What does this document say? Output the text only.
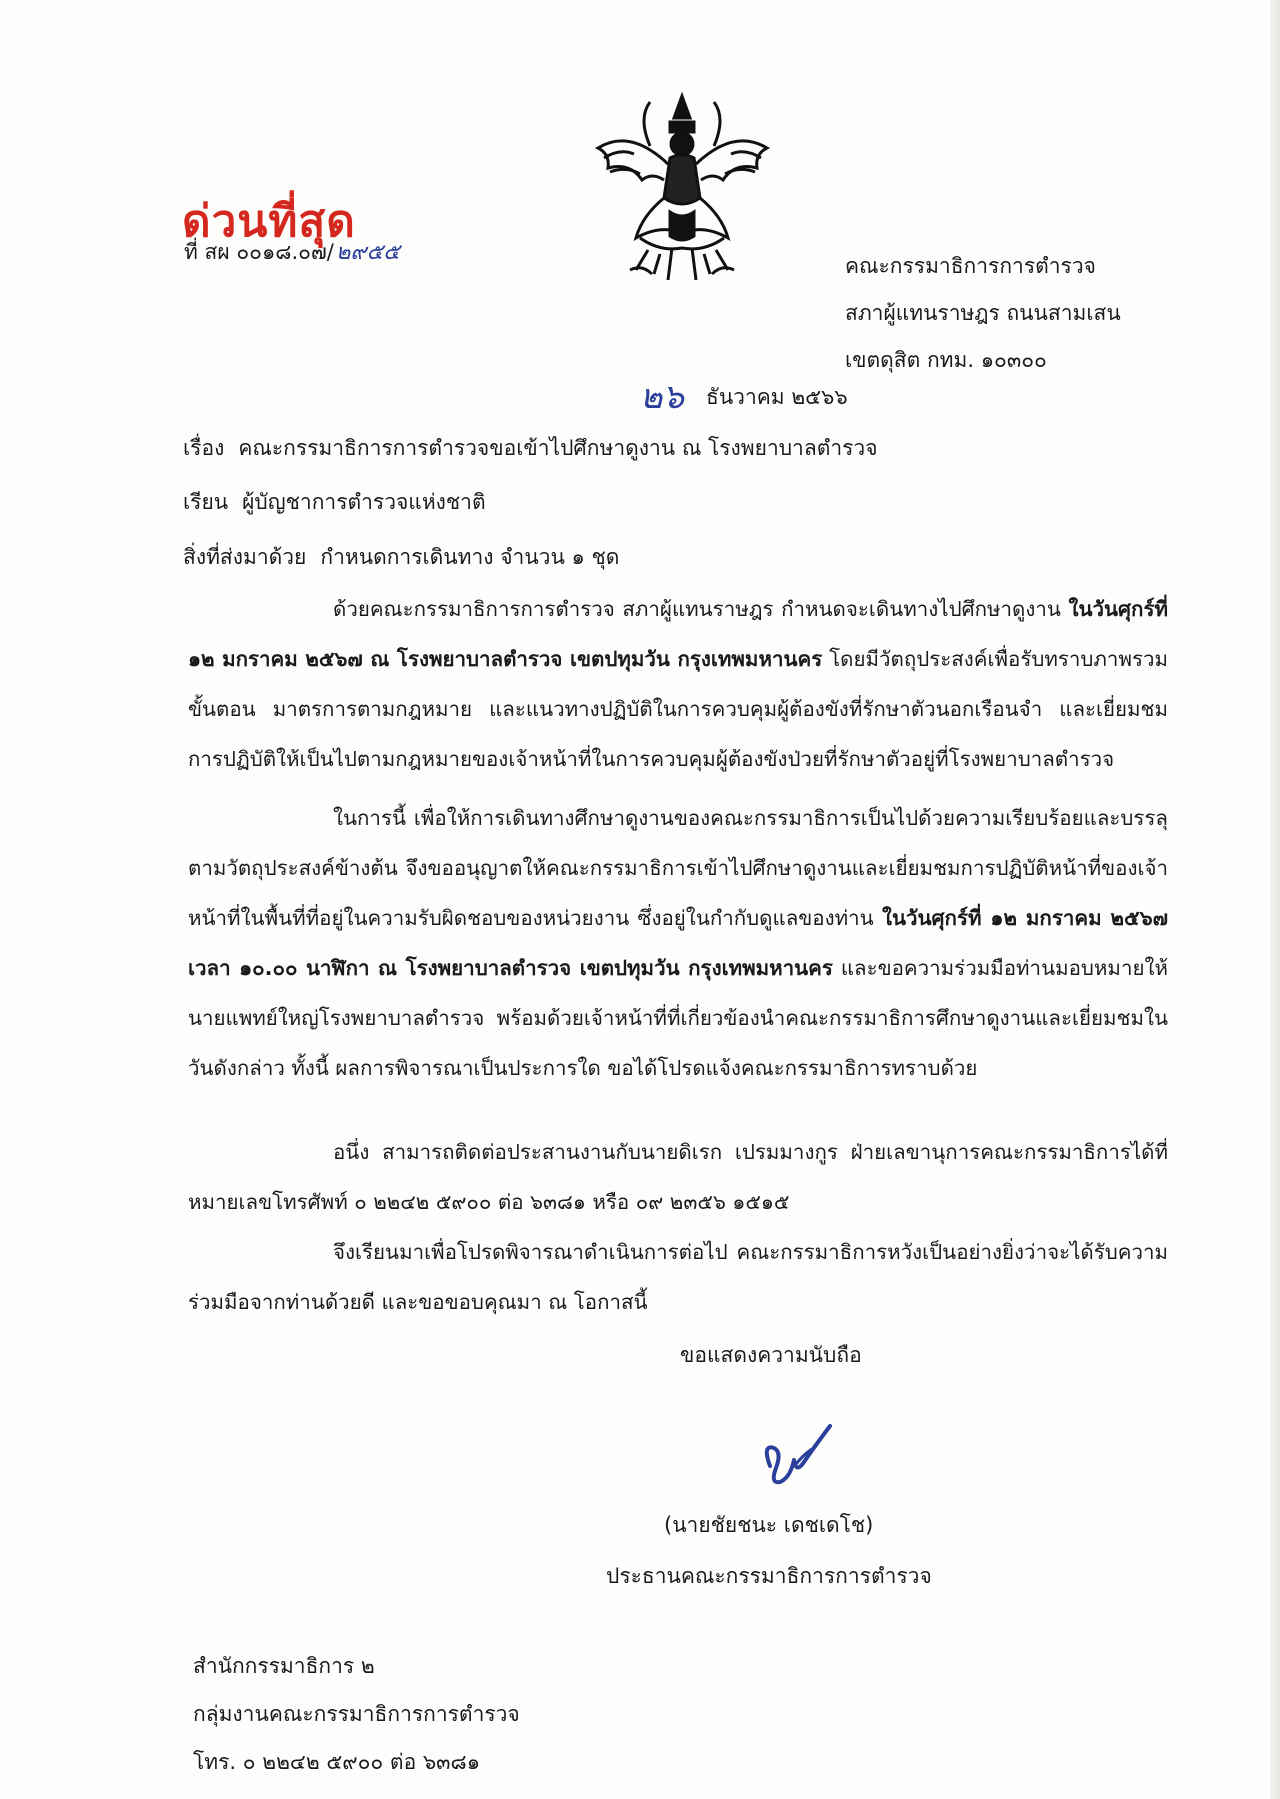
ด่วนที่สุด
ที่ สผ ๐๐๑๘.๐๗/๒๙๕๕
คณะกรรมาธิการการตำรวจ
สภาผู้แทนราษฎร ถนนสามเสน
เขตดุสิต กทม. ๑๐๓๐๐
๒๖ ธันวาคม ๒๕๖๖
เรื่อง คณะกรรมาธิการการตำรวจขอเข้าไปศึกษาดูงาน ณ โรงพยาบาลตำรวจ
เรียน ผู้บัญชาการตำรวจแห่งชาติ
สิ่งที่ส่งมาด้วย กำหนดการเดินทาง จำนวน ๑ ชุด
ด้วยคณะกรรมาธิการการตำรวจ สภาผู้แทนราษฎร กำหนดจะเดินทางไปศึกษาดูงาน ในวันศุกร์ที่ ๑๒ มกราคม ๒๕๖๗ ณ โรงพยาบาลตำรวจ เขตปทุมวัน กรุงเทพมหานคร โดยมีวัตถุประสงค์เพื่อรับทราบภาพรวมขั้นตอน มาตรการตามกฎหมาย และแนวทางปฏิบัติในการควบคุมผู้ต้องขังที่รักษาตัวนอกเรือนจำ และเยี่ยมชมการปฏิบัติให้เป็นไปตามกฎหมายของเจ้าหน้าที่ในการควบคุมผู้ต้องขังป่วยที่รักษาตัวอยู่ที่โรงพยาบาลตำรวจ
ในการนี้ เพื่อให้การเดินทางศึกษาดูงานของคณะกรรมาธิการเป็นไปด้วยความเรียบร้อยและบรรลุตามวัตถุประสงค์ข้างต้น จึงขออนุญาตให้คณะกรรมาธิการเข้าไปศึกษาดูงานและเยี่ยมชมการปฏิบัติหน้าที่ของเจ้าหน้าที่ในพื้นที่ที่อยู่ในความรับผิดชอบของหน่วยงาน ซึ่งอยู่ในกำกับดูแลของท่าน ในวันศุกร์ที่ ๑๒ มกราคม ๒๕๖๗ เวลา ๑๐.๐๐ นาฬิกา ณ โรงพยาบาลตำรวจ เขตปทุมวัน กรุงเทพมหานคร และขอความร่วมมือท่านมอบหมายให้นายแพทย์ใหญ่โรงพยาบาลตำรวจ พร้อมด้วยเจ้าหน้าที่ที่เกี่ยวข้องนำคณะกรรมาธิการศึกษาดูงานและเยี่ยมชมในวันดังกล่าว ทั้งนี้ ผลการพิจารณาเป็นประการใด ขอได้โปรดแจ้งคณะกรรมาธิการทราบด้วย
อนึ่ง สามารถติดต่อประสานงานกับนายดิเรก เปรมมางกูร ฝ่ายเลขานุการคณะกรรมาธิการได้ที่หมายเลขโทรศัพท์ ๐ ๒๒๔๒ ๕๙๐๐ ต่อ ๖๓๘๑ หรือ ๐๙ ๒๓๕๖ ๑๕๑๕
จึงเรียนมาเพื่อโปรดพิจารณาดำเนินการต่อไป คณะกรรมาธิการหวังเป็นอย่างยิ่งว่าจะได้รับความร่วมมือจากท่านด้วยดี และขอขอบคุณมา ณ โอกาสนี้
ขอแสดงความนับถือ
(นายชัยชนะ เดชเดโช)
ประธานคณะกรรมาธิการการตำรวจ
สำนักกรรมาธิการ ๒
กลุ่มงานคณะกรรมาธิการการตำรวจ
โทร. ๐ ๒๒๔๒ ๕๙๐๐ ต่อ ๖๓๘๑
